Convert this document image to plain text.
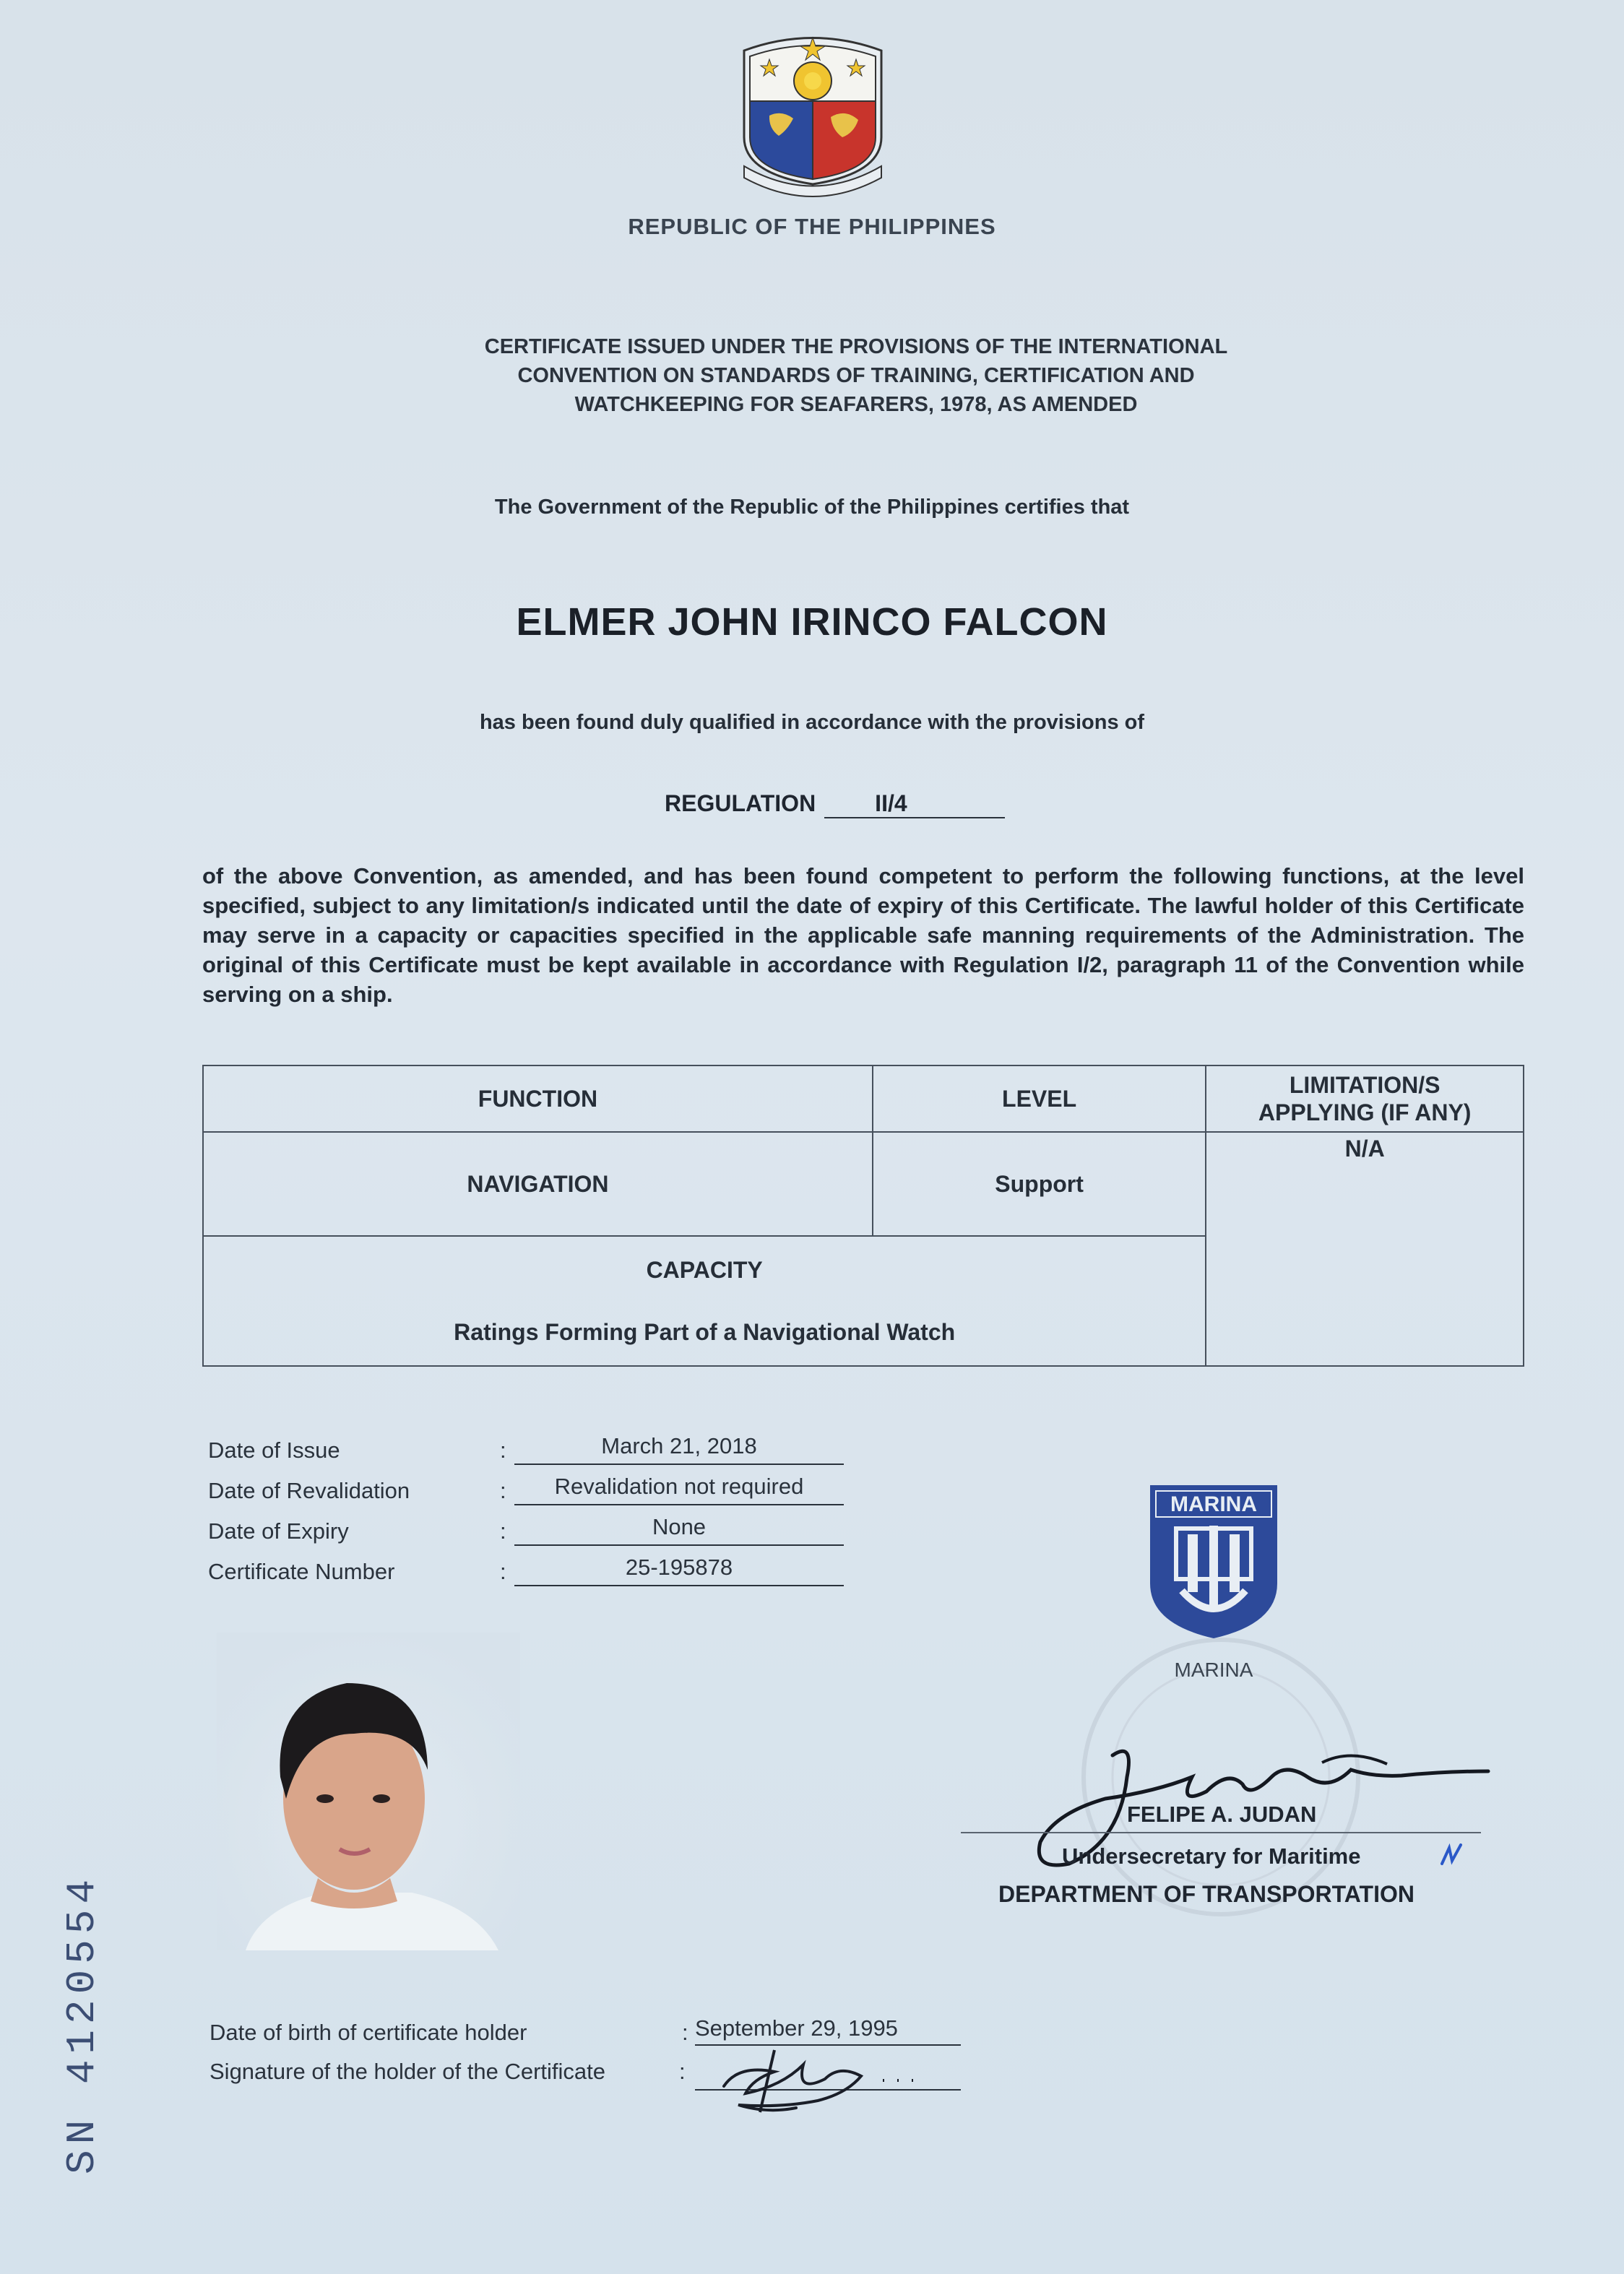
REPUBLIC OF THE PHILIPPINES
CERTIFICATE ISSUED UNDER THE PROVISIONS OF THE INTERNATIONAL
CONVENTION ON STANDARDS OF TRAINING, CERTIFICATION AND
WATCHKEEPING FOR SEAFARERS, 1978, AS AMENDED
The Government of the Republic of the Philippines certifies that
ELMER JOHN IRINCO FALCON
has been found duly qualified in accordance with the provisions of
REGULATION	II/4
of the above Convention, as amended, and has been found competent to perform the following functions, at the level specified, subject to any limitation/s indicated until the date of expiry of this Certificate. The lawful holder of this Certificate may serve in a capacity or capacities specified in the applicable safe manning requirements of the Administration. The original of this Certificate must be kept available in accordance with Regulation I/2, paragraph 11 of the Convention while serving on a ship.
FUNCTION	LEVEL	LIMITATION/S
APPLYING (IF ANY)

NAVIGATION	Support	N/A

CAPACITY
Ratings Forming Part of a Navigational Watch		
Date of Issue	:	March 21, 2018
Date of Revalidation	:	Revalidation not required
Date of Expiry	:	None
Certificate Number	:	25-195878
MARINA
MARINA
FELIPE A. JUDAN
Undersecretary for Maritime
DEPARTMENT OF TRANSPORTATION
Date of birth of certificate holder	: September 29, 1995
Signature of the holder of the Certificate	:
SN 4120554
